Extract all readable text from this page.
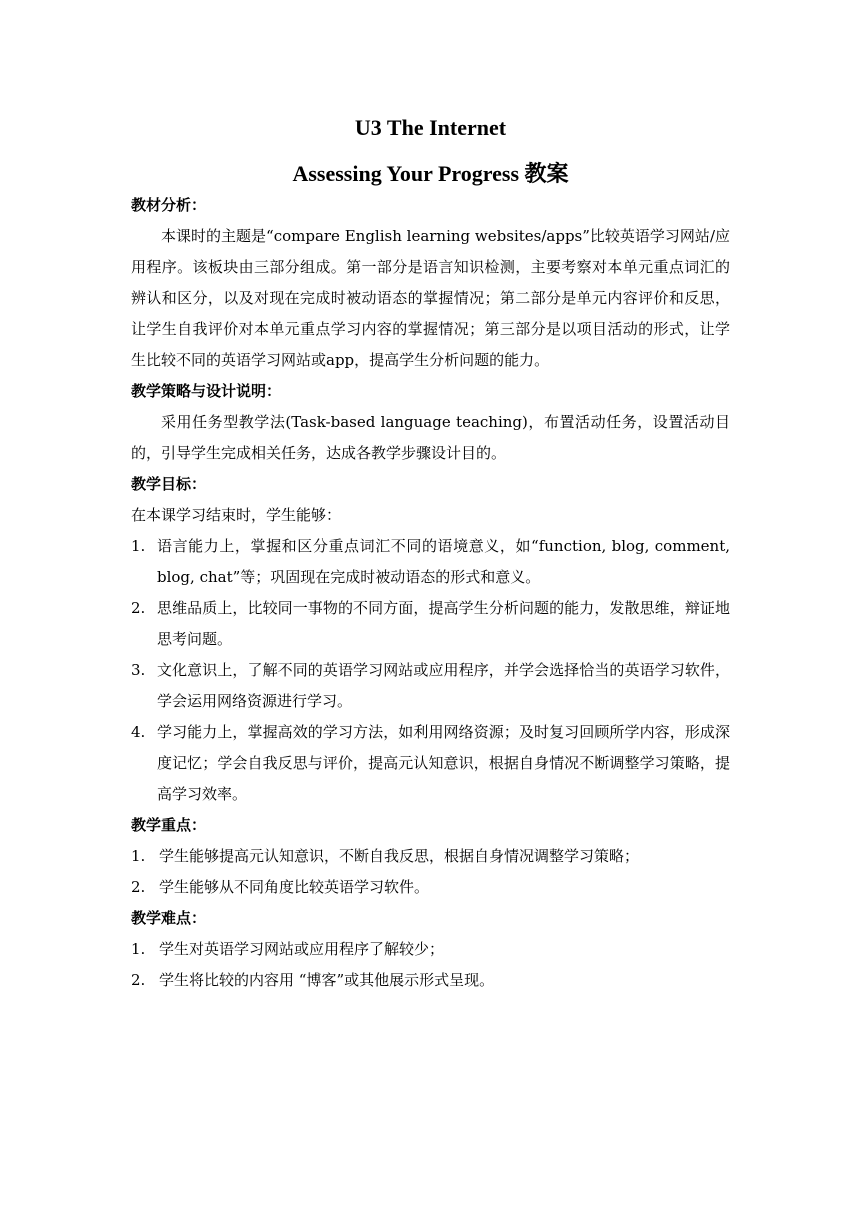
U3 The Internet
Assessing Your Progress 教案

教材分析：

本课时的主题是“compare English learning websites/apps”比较英语学习网站/应用程序。该板块由三部分组成。第一部分是语言知识检测，主要考察对本单元重点词汇的辨认和区分，以及对现在完成时被动语态的掌握情况；第二部分是单元内容评价和反思，让学生自我评价对本单元重点学习内容的掌握情况；第三部分是以项目活动的形式，让学生比较不同的英语学习网站或app，提高学生分析问题的能力。

教学策略与设计说明：

采用任务型教学法(Task-based language teaching)，布置活动任务，设置活动目的，引导学生完成相关任务，达成各教学步骤设计目的。

教学目标：

在本课学习结束时，学生能够：

1. 语言能力上，掌握和区分重点词汇不同的语境意义，如“function, blog, comment, blog, chat”等；巩固现在完成时被动语态的形式和意义。
2. 思维品质上，比较同一事物的不同方面，提高学生分析问题的能力，发散思维，辩证地思考问题。
3. 文化意识上，了解不同的英语学习网站或应用程序，并学会选择恰当的英语学习软件，学会运用网络资源进行学习。
4. 学习能力上，掌握高效的学习方法，如利用网络资源；及时复习回顾所学内容，形成深度记忆；学会自我反思与评价，提高元认知意识，根据自身情况不断调整学习策略，提高学习效率。

教学重点：

1. 学生能够提高元认知意识，不断自我反思，根据自身情况调整学习策略；
2. 学生能够从不同角度比较英语学习软件。

教学难点：

1. 学生对英语学习网站或应用程序了解较少；
2. 学生将比较的内容用 “博客”或其他展示形式呈现。
